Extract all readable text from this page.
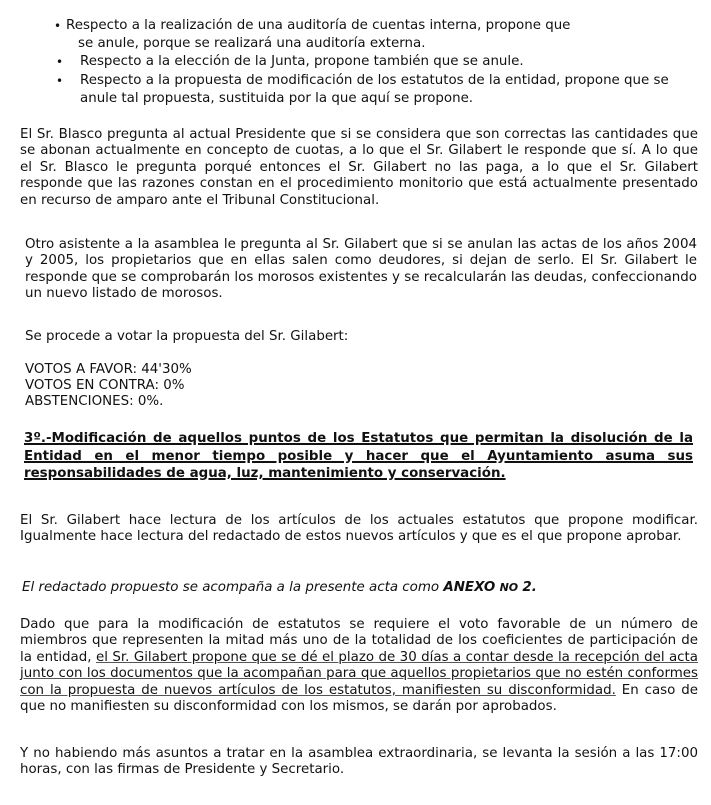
• Respecto a la realización de una auditoría de cuentas interna, propone que
se anule, porque se realizará una auditoría externa.
•	Respecto a la elección de la Junta, propone también que se anule.
•	Respecto a la propuesta de modificación de los estatutos de la entidad, propone que se anule tal propuesta, sustituida por la que aquí se propone.

El Sr. Blasco pregunta al actual Presidente que si se considera que son correctas las cantidades que se abonan actualmente en concepto de cuotas, a lo que el Sr. Gilabert le responde que sí. A lo que el Sr. Blasco le pregunta porqué entonces el Sr. Gilabert no las paga, a lo que el Sr. Gilabert responde que las razones constan en el procedimiento monitorio que está actualmente presentado en recurso de amparo ante el Tribunal Constitucional.

Otro asistente a la asamblea le pregunta al Sr. Gilabert que si se anulan las actas de los años 2004 y 2005, los propietarios que en ellas salen como deudores, si dejan de serlo. El Sr. Gilabert le responde que se comprobarán los morosos existentes y se recalcularán las deudas, confeccionando un nuevo listado de morosos.

Se procede a votar la propuesta del Sr. Gilabert:

VOTOS A FAVOR: 44'30%
VOTOS EN CONTRA: 0%
ABSTENCIONES: 0%.

3º.-Modificación de aquellos puntos de los Estatutos que permitan la disolución de la Entidad en el menor tiempo posible y hacer que el Ayuntamiento asuma sus responsabilidades de agua, luz, mantenimiento y conservación.

El Sr. Gilabert hace lectura de los artículos de los actuales estatutos que propone modificar. Igualmente hace lectura del redactado de estos nuevos artículos y que es el que propone aprobar.

El redactado propuesto se acompaña a la presente acta como ANEXO NO 2.

Dado que para la modificación de estatutos se requiere el voto favorable de un número de miembros que representen la mitad más uno de la totalidad de los coeficientes de participación de la entidad, el Sr. Gilabert propone que se dé el plazo de 30 días a contar desde la recepción del acta junto con los documentos que la acompañan para que aquellos propietarios que no estén conformes con la propuesta de nuevos artículos de los estatutos, manifiesten su disconformidad. En caso de que no manifiesten su disconformidad con los mismos, se darán por aprobados.

Y no habiendo más asuntos a tratar en la asamblea extraordinaria, se levanta la sesión a las 17:00 horas, con las firmas de Presidente y Secretario.
